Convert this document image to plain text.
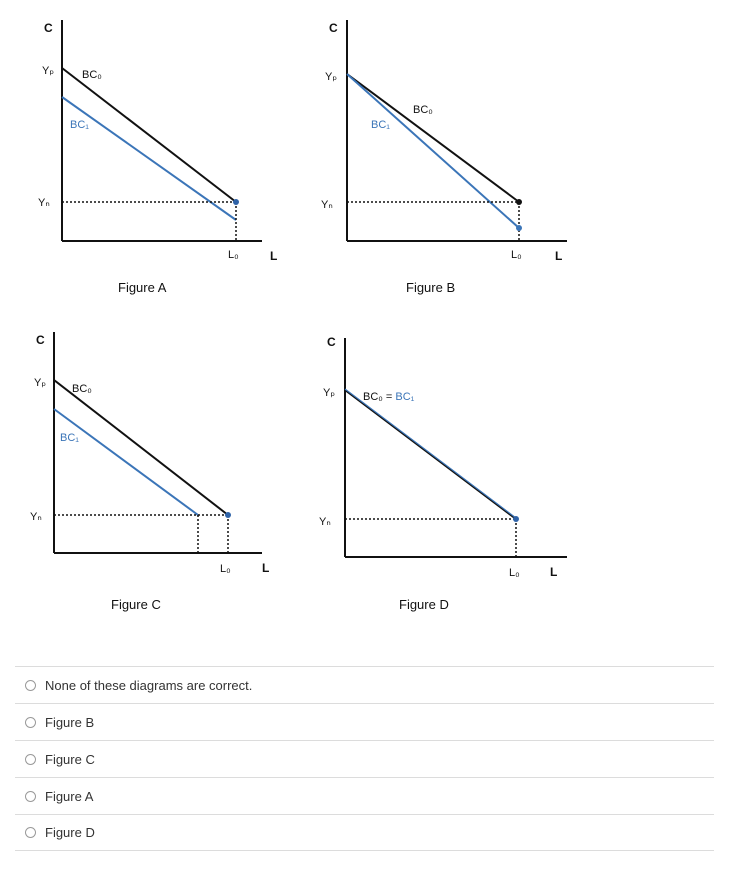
C
L
Yₚ
Yₙ
L₀
BC₀
BC₁
Figure A
C
L
Yₚ
Yₙ
L₀
BC₀
BC₁
Figure B
C
L
Yₚ
Yₙ
L₀
BC₀
BC₁
Figure C
C
L
Yₚ
Yₙ
L₀
BC₀ = BC₁
Figure D
None of these diagrams are correct.
Figure B
Figure C
Figure A
Figure D
